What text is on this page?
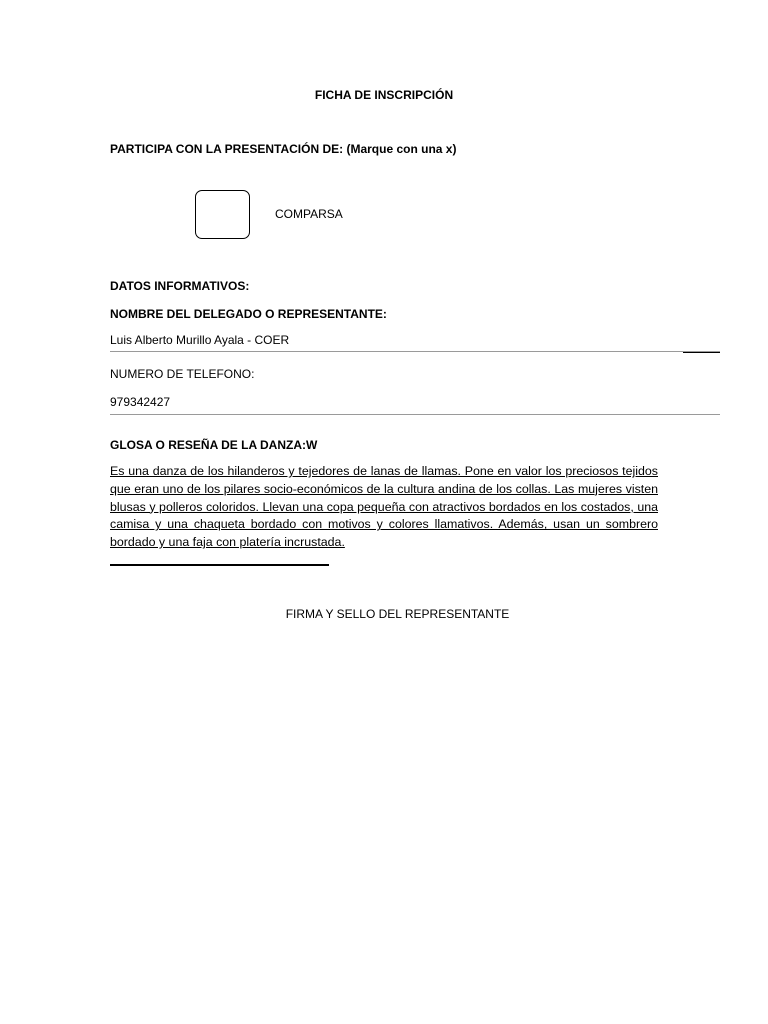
FICHA DE INSCRIPCIÓN
PARTICIPA CON LA PRESENTACIÓN DE: (Marque con una x)
COMPARSA
DATOS INFORMATIVOS:
NOMBRE DEL DELEGADO O REPRESENTANTE:
Luis Alberto Murillo Ayala - COER
NUMERO DE TELEFONO:
979342427
GLOSA O RESEÑA DE LA DANZA:W
Es una danza de los hilanderos y tejedores de lanas de llamas. Pone en valor los preciosos tejidos que eran uno de los pilares socio-económicos de la cultura andina de los collas. Las mujeres visten blusas y polleros coloridos. Llevan una copa pequeña con atractivos bordados en los costados, una camisa y una chaqueta bordado con motivos y colores llamativos. Además, usan un sombrero bordado y una faja con platería incrustada.
FIRMA Y SELLO DEL REPRESENTANTE
